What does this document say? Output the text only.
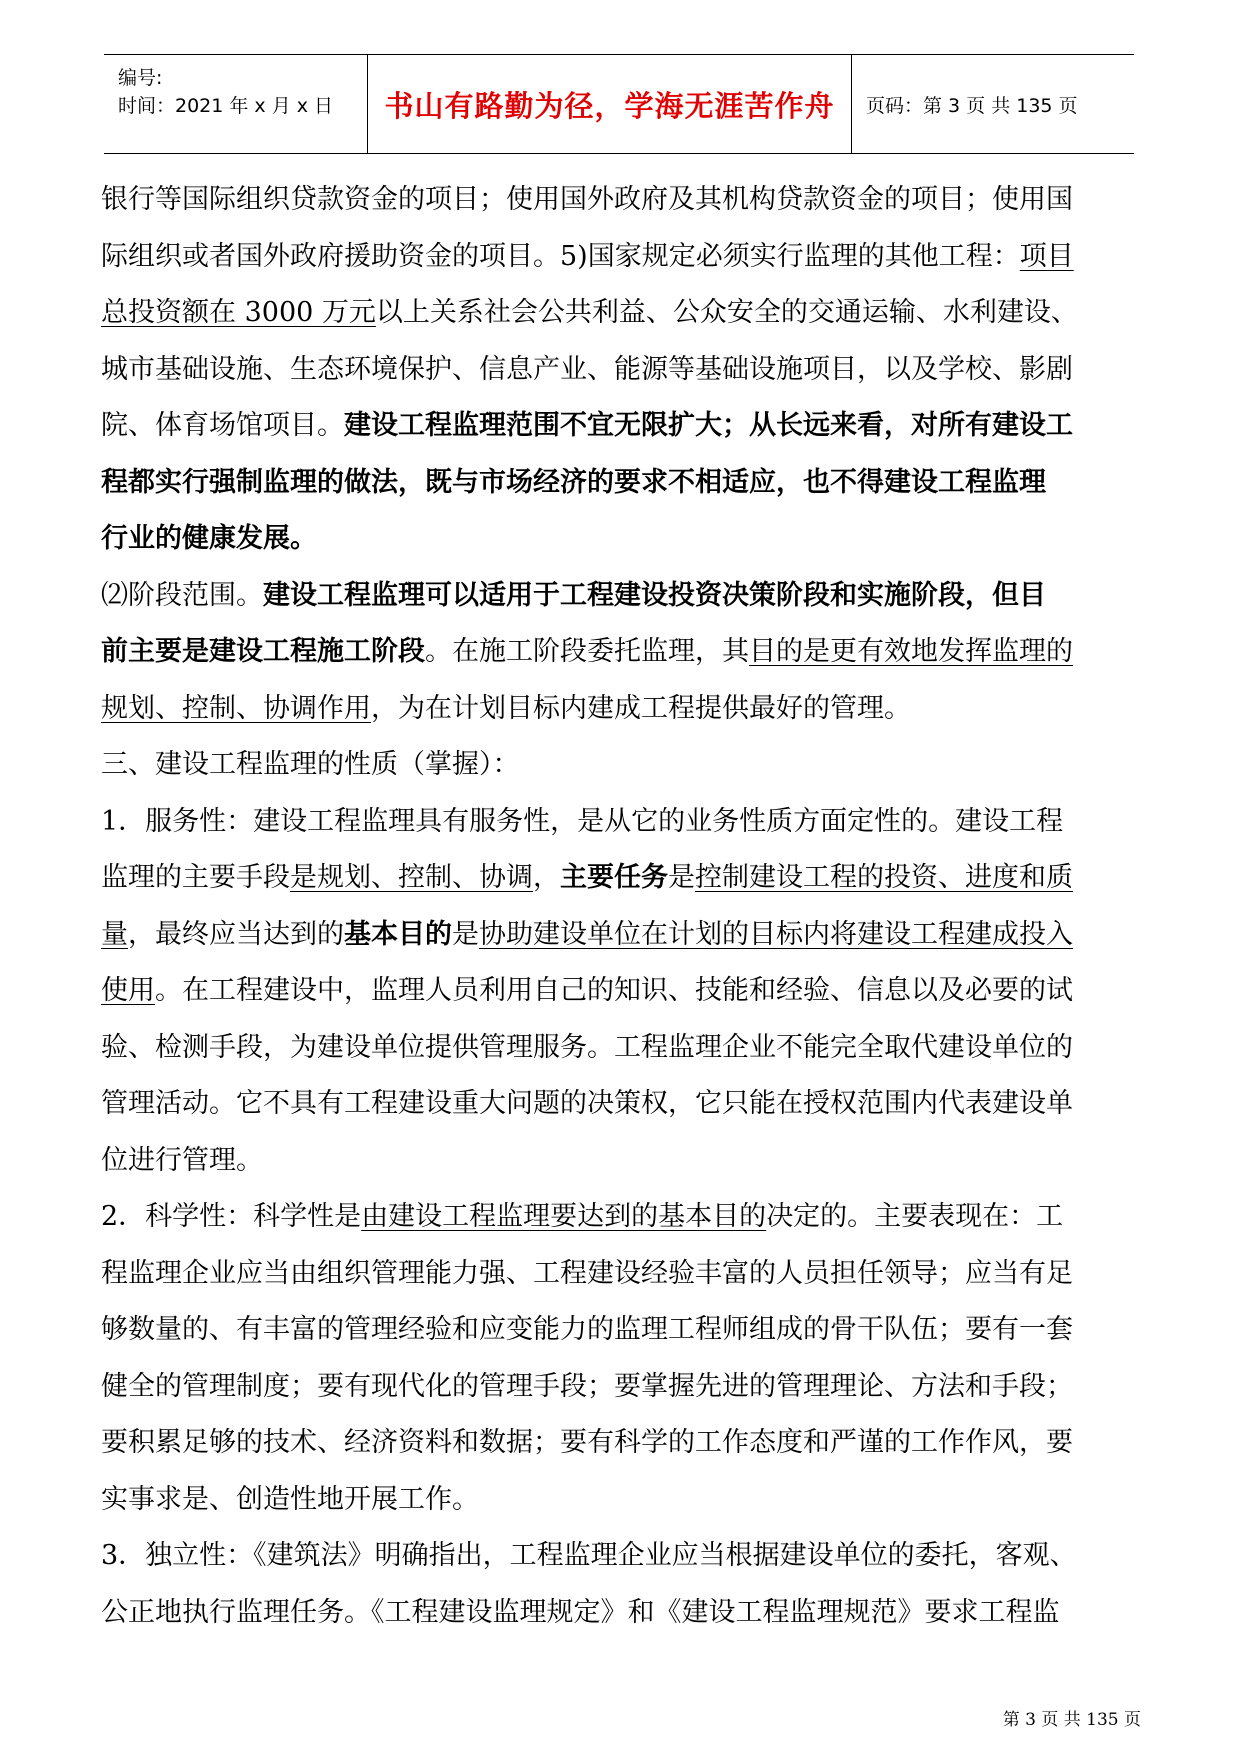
编号:
时间：2021 年 x 月 x 日 书山有路勤为径，学海无涯苦作舟	页码：第 3 页 共 135 页
银行等国际组织贷款资金的项目；使用国外政府及其机构贷款资金的项目；使用国
际组织或者国外政府援助资金的项目。5)国家规定必须实行监理的其他工程：项目
总投资额在 3000 万元以上关系社会公共利益、公众安全的交通运输、水利建设、
城市基础设施、生态环境保护、信息产业、能源等基础设施项目，以及学校、影剧
院、体育场馆项目。建设工程监理范围不宜无限扩大；从长远来看，对所有建设工
程都实行强制监理的做法，既与市场经济的要求不相适应，也不得建设工程监理
行业的健康发展。
⑵阶段范围。建设工程监理可以适用于工程建设投资决策阶段和实施阶段，但目
前主要是建设工程施工阶段。在施工阶段委托监理，其目的是更有效地发挥监理的
规划、控制、协调作用，为在计划目标内建成工程提供最好的管理。
三、建设工程监理的性质（掌握）：
1．服务性：建设工程监理具有服务性，是从它的业务性质方面定性的。建设工程
监理的主要手段是规划、控制、协调，主要任务是控制建设工程的投资、进度和质
量，最终应当达到的基本目的是协助建设单位在计划的目标内将建设工程建成投入
使用。在工程建设中，监理人员利用自己的知识、技能和经验、信息以及必要的试
验、检测手段，为建设单位提供管理服务。工程监理企业不能完全取代建设单位的
管理活动。它不具有工程建设重大问题的决策权，它只能在授权范围内代表建设单
位进行管理。
2．科学性：科学性是由建设工程监理要达到的基本目的决定的。主要表现在：工
程监理企业应当由组织管理能力强、工程建设经验丰富的人员担任领导；应当有足
够数量的、有丰富的管理经验和应变能力的监理工程师组成的骨干队伍；要有一套
健全的管理制度；要有现代化的管理手段；要掌握先进的管理理论、方法和手段；
要积累足够的技术、经济资料和数据；要有科学的工作态度和严谨的工作作风，要
实事求是、创造性地开展工作。
3．独立性：《建筑法》明确指出，工程监理企业应当根据建设单位的委托，客观、
公正地执行监理任务。《工程建设监理规定》和《建设工程监理规范》要求工程监
第 3 页 共 135 页
